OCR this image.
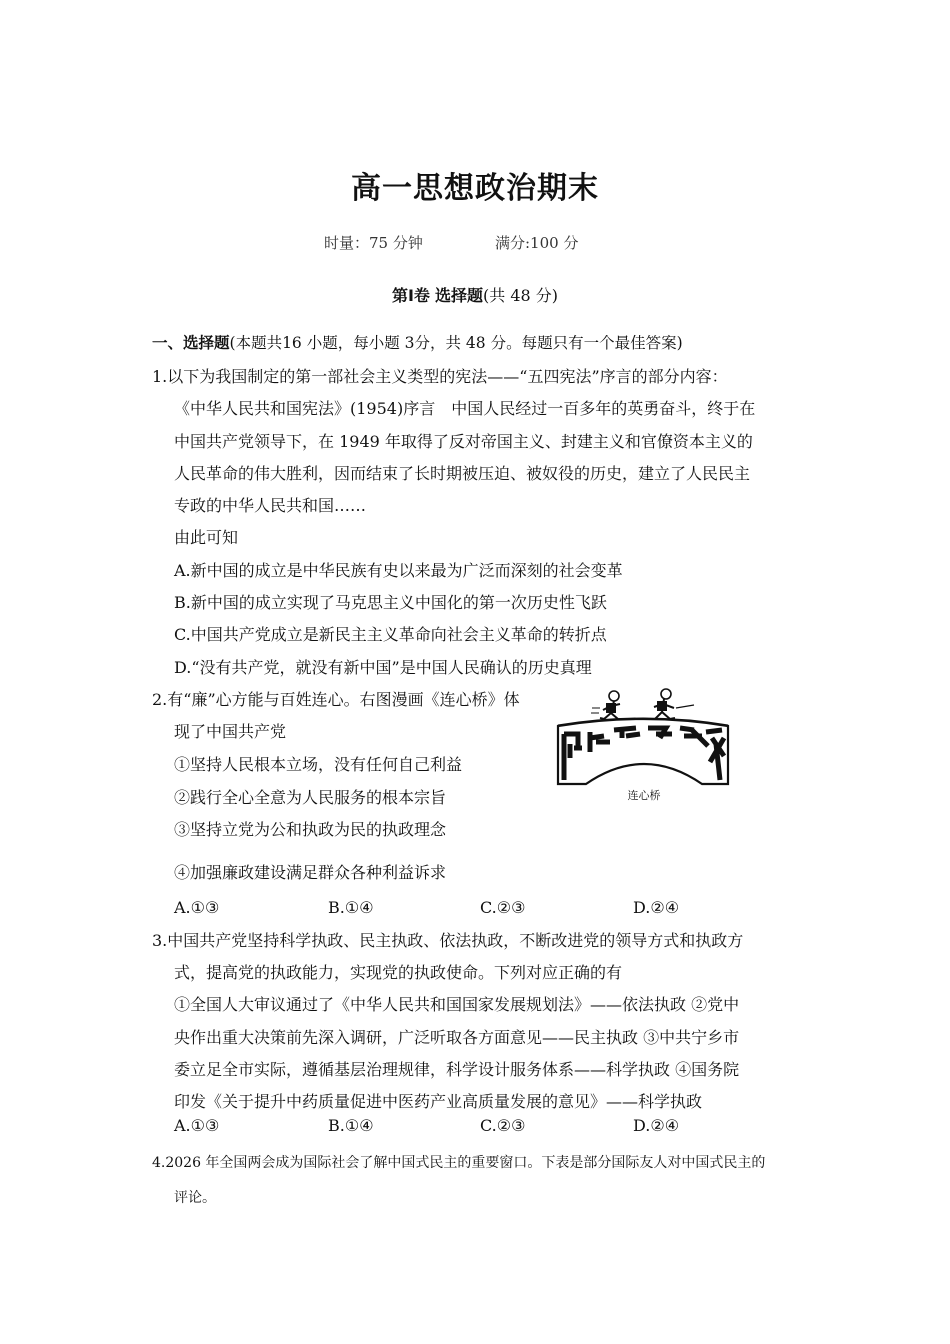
高一思想政治期末
时量：75 分钟	满分:100 分
第Ⅰ卷 选择题(共 48 分)
一、选择题(本题共16 小题，每小题 3分，共 48 分。每题只有一个最佳答案)
1.以下为我国制定的第一部社会主义类型的宪法——“五四宪法”序言的部分内容：
《中华人民共和国宪法》(1954)序言　中国人民经过一百多年的英勇奋斗，终于在
中国共产党领导下，在 1949 年取得了反对帝国主义、封建主义和官僚资本主义的
人民革命的伟大胜利，因而结束了长时期被压迫、被奴役的历史，建立了人民民主
专政的中华人民共和国……
由此可知
A.新中国的成立是中华民族有史以来最为广泛而深刻的社会变革
B.新中国的成立实现了马克思主义中国化的第一次历史性飞跃
C.中国共产党成立是新民主主义革命向社会主义革命的转折点
D.“没有共产党，就没有新中国”是中国人民确认的历史真理
2.有“廉”心方能与百姓连心。右图漫画《连心桥》体
现了中国共产党
①坚持人民根本立场，没有任何自己利益
②践行全心全意为人民服务的根本宗旨
③坚持立党为公和执政为民的执政理念
④加强廉政建设满足群众各种利益诉求
A.①③	B.①④	C.②③	D.②④
连心桥
3.中国共产党坚持科学执政、民主执政、依法执政，不断改进党的领导方式和执政方
式，提高党的执政能力，实现党的执政使命。下列对应正确的有
①全国人大审议通过了《中华人民共和国国家发展规划法》——依法执政 ②党中
央作出重大决策前先深入调研，广泛听取各方面意见——民主执政 ③中共宁乡市
委立足全市实际，遵循基层治理规律，科学设计服务体系——科学执政 ④国务院
印发《关于提升中药质量促进中医药产业高质量发展的意见》——科学执政
A.①③	B.①④	C.②③	D.②④
4.2026 年全国两会成为国际社会了解中国式民主的重要窗口。下表是部分国际友人对中国式民主的
评论。
